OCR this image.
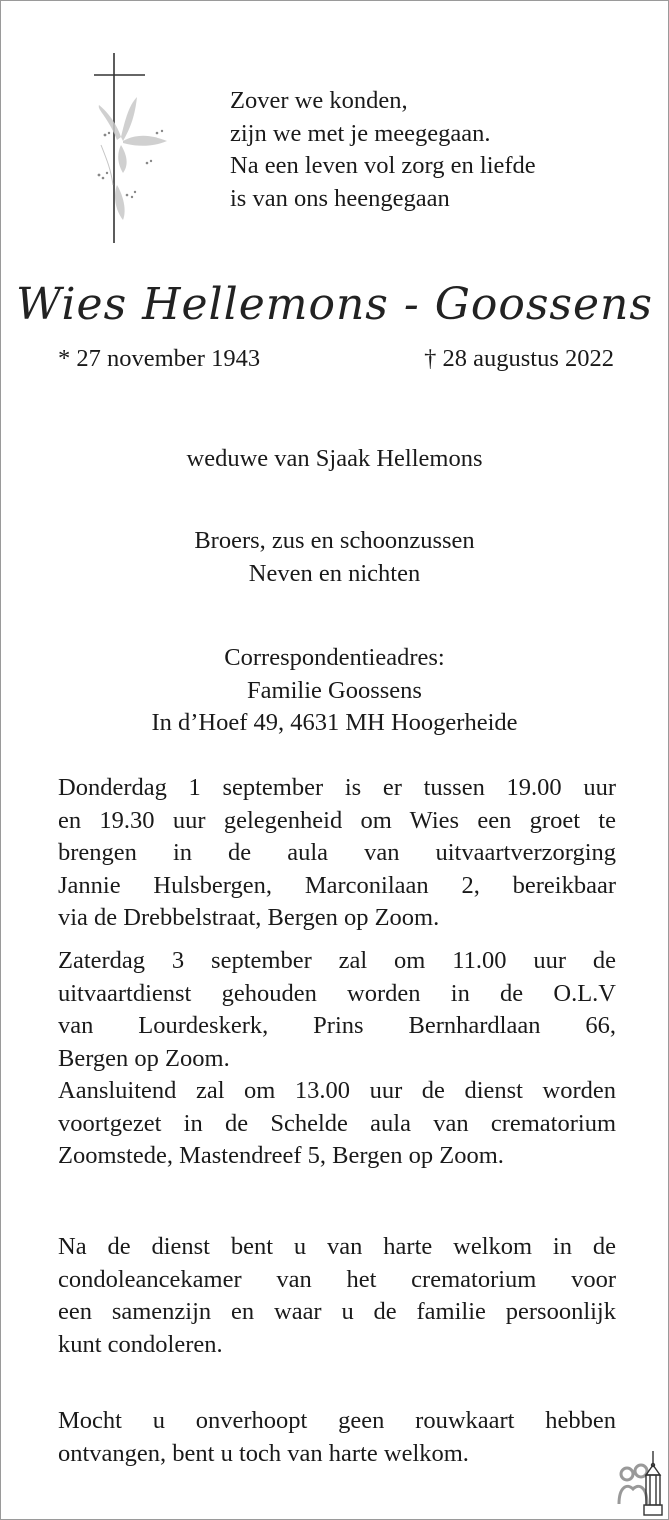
Zover we konden,
zijn we met je meegegaan.
Na een leven vol zorg en liefde
is van ons heengegaan
Wies Hellemons - Goossens
* 27 november 1943	† 28 augustus 2022
weduwe van Sjaak Hellemons
Broers, zus en schoonzussen
Neven en nichten
Correspondentieadres:
Familie Goossens
In d’Hoef 49, 4631 MH Hoogerheide
Donderdag 1 september is er tussen 19.00 uur
en 19.30 uur gelegenheid om Wies een groet te
brengen in de aula van uitvaartverzorging
Jannie Hulsbergen, Marconilaan 2, bereikbaar
via de Drebbelstraat, Bergen op Zoom.
Zaterdag 3 september zal om 11.00 uur de
uitvaartdienst gehouden worden in de O.L.V
van Lourdeskerk, Prins Bernhardlaan 66,
Bergen op Zoom.
Aansluitend zal om 13.00 uur de dienst worden
voortgezet in de Schelde aula van crematorium
Zoomstede, Mastendreef 5, Bergen op Zoom.
Na de dienst bent u van harte welkom in de
condoleancekamer van het crematorium voor
een samenzijn en waar u de familie persoonlijk
kunt condoleren.
Mocht u onverhoopt geen rouwkaart hebben
ontvangen, bent u toch van harte welkom.
